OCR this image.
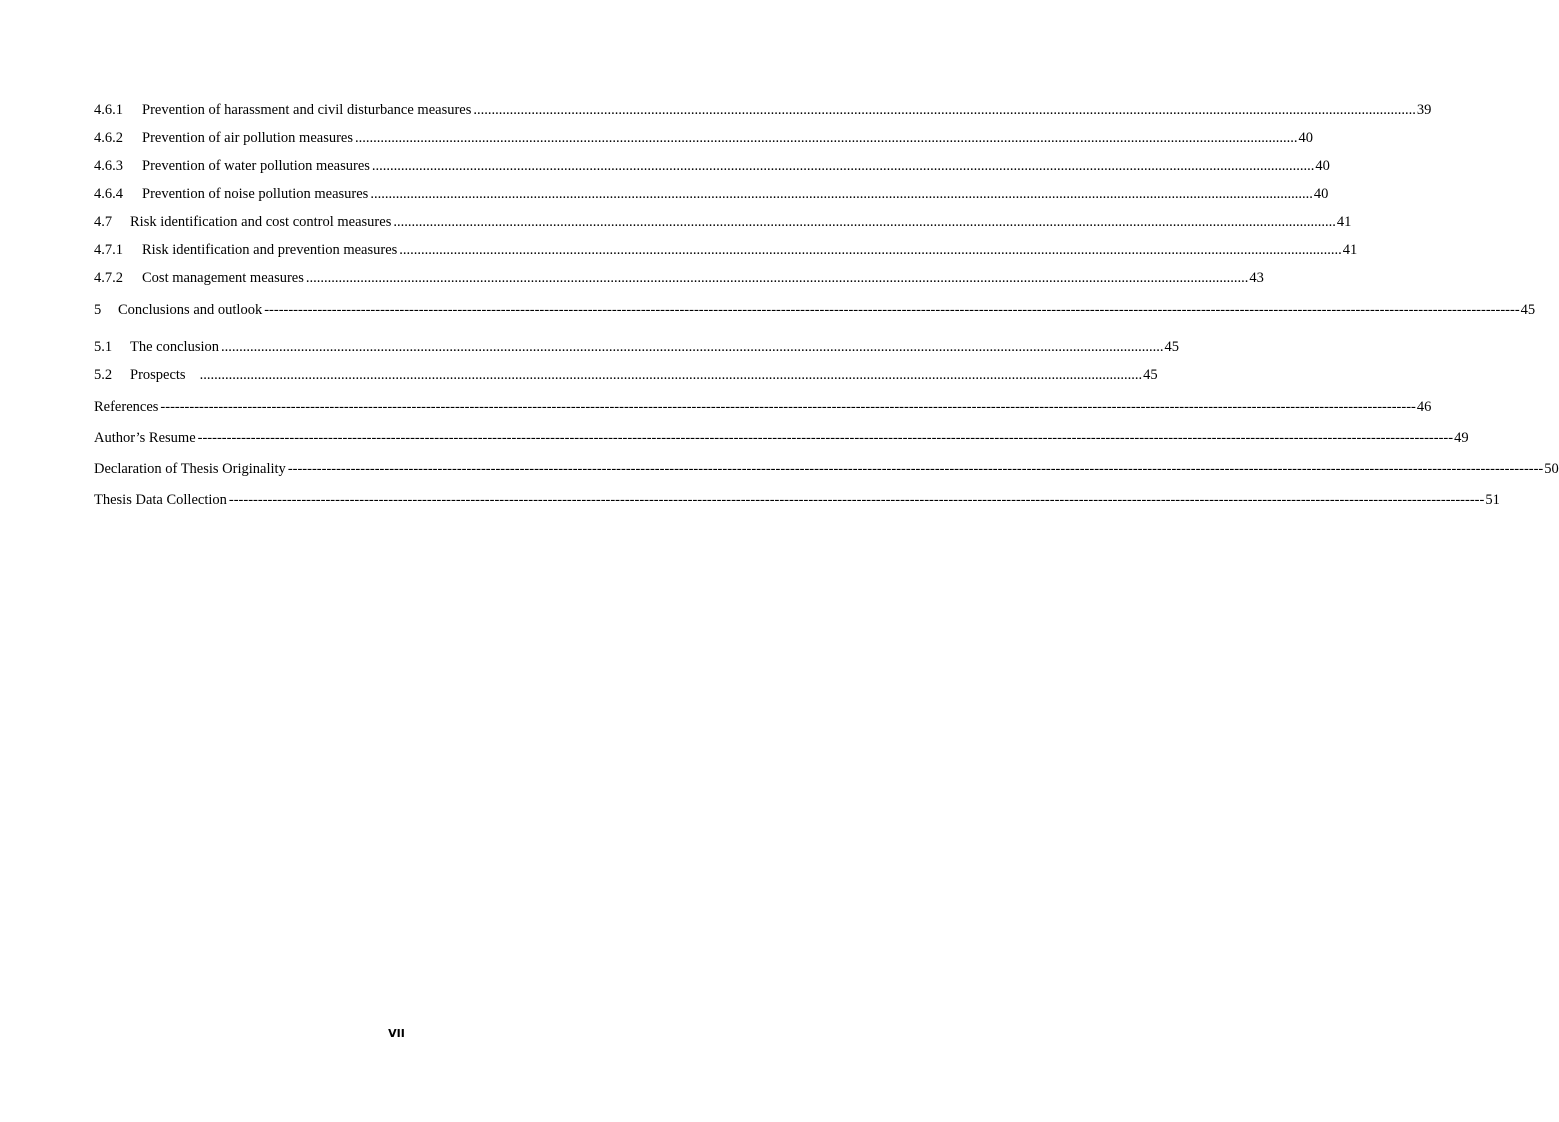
4.6.1	Prevention of harassment and civil disturbance measures .................................................................................................................................................................................................................................................................... 39
4.6.2	Prevention of air pollution measures .................................................................................................................................................................................................................................................................... 40
4.6.3	Prevention of water pollution measures .................................................................................................................................................................................................................................................................... 40
4.6.4	Prevention of noise pollution measures .................................................................................................................................................................................................................................................................... 40
4.7	Risk identification and cost control measures .................................................................................................................................................................................................................................................................... 41
4.7.1	Risk identification and prevention measures .................................................................................................................................................................................................................................................................... 41
4.7.2	Cost management measures .................................................................................................................................................................................................................................................................... 43
5	Conclusions and outlook -------------------------------------------------------------------------------------------------------------------------------------------------------------------------------------------------------------------------------------------------------------------- 45
5.1	The conclusion .................................................................................................................................................................................................................................................................... 45
5.2	Prospects .................................................................................................................................................................................................................................................................... 45
References -------------------------------------------------------------------------------------------------------------------------------------------------------------------------------------------------------------------------------------------------------------------- 46
Author’s Resume -------------------------------------------------------------------------------------------------------------------------------------------------------------------------------------------------------------------------------------------------------------------- 49
Declaration of Thesis Originality -------------------------------------------------------------------------------------------------------------------------------------------------------------------------------------------------------------------------------------------------------------------- 50
Thesis Data Collection -------------------------------------------------------------------------------------------------------------------------------------------------------------------------------------------------------------------------------------------------------------------- 51
VII
